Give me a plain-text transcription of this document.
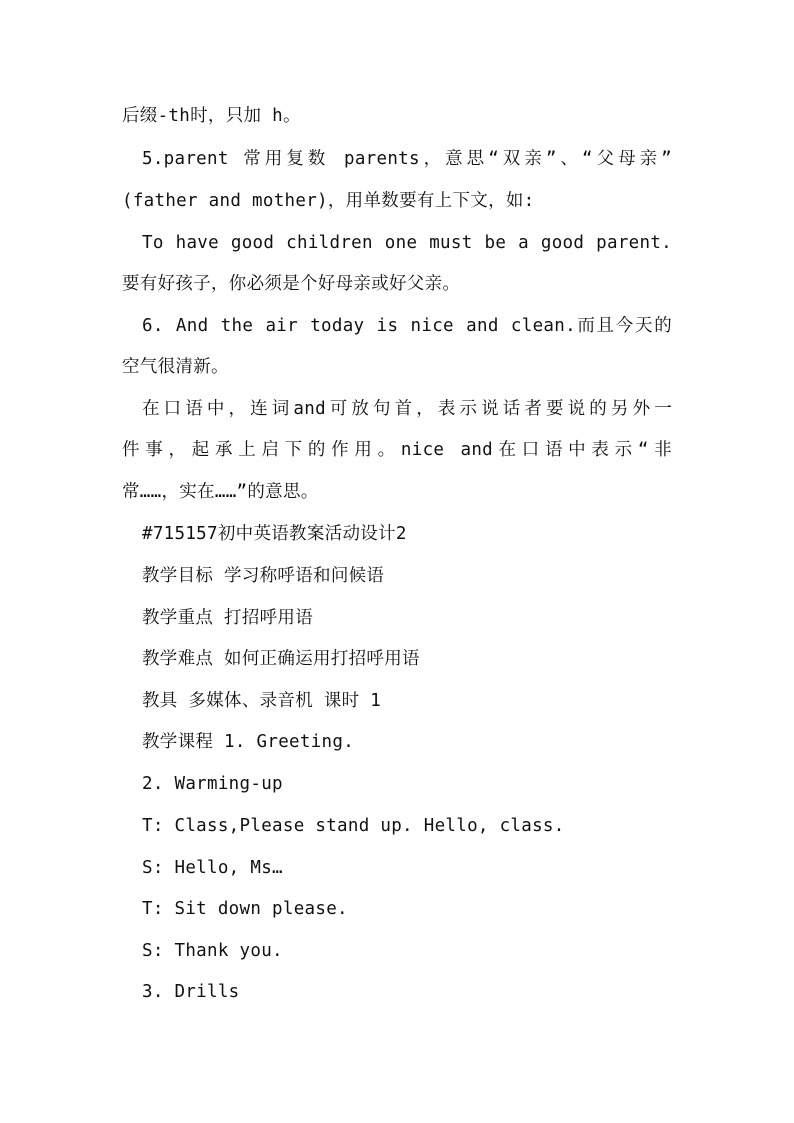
后缀-th时，只加 h。
5.parent 常用复数 parents，意思“双亲”、“父母亲”
(father and mother)，用单数要有上下文，如:
To have good children one must be a good parent.
要有好孩子，你必须是个好母亲或好父亲。
6. And the air today is nice and clean.而且今天的
空气很清新。
在口语中，连词and可放句首，表示说话者要说的另外一
件事，起承上启下的作用。nice and在口语中表示“非
常……，实在……”的意思。
#715157初中英语教案活动设计2
教学目标 学习称呼语和问候语
教学重点 打招呼用语
教学难点 如何正确运用打招呼用语
教具 多媒体、录音机 课时 1
教学课程 1. Greeting.
2. Warming-up
T: Class,Please stand up. Hello, class.
S: Hello, Ms…
T: Sit down please.
S: Thank you.
3. Drills
